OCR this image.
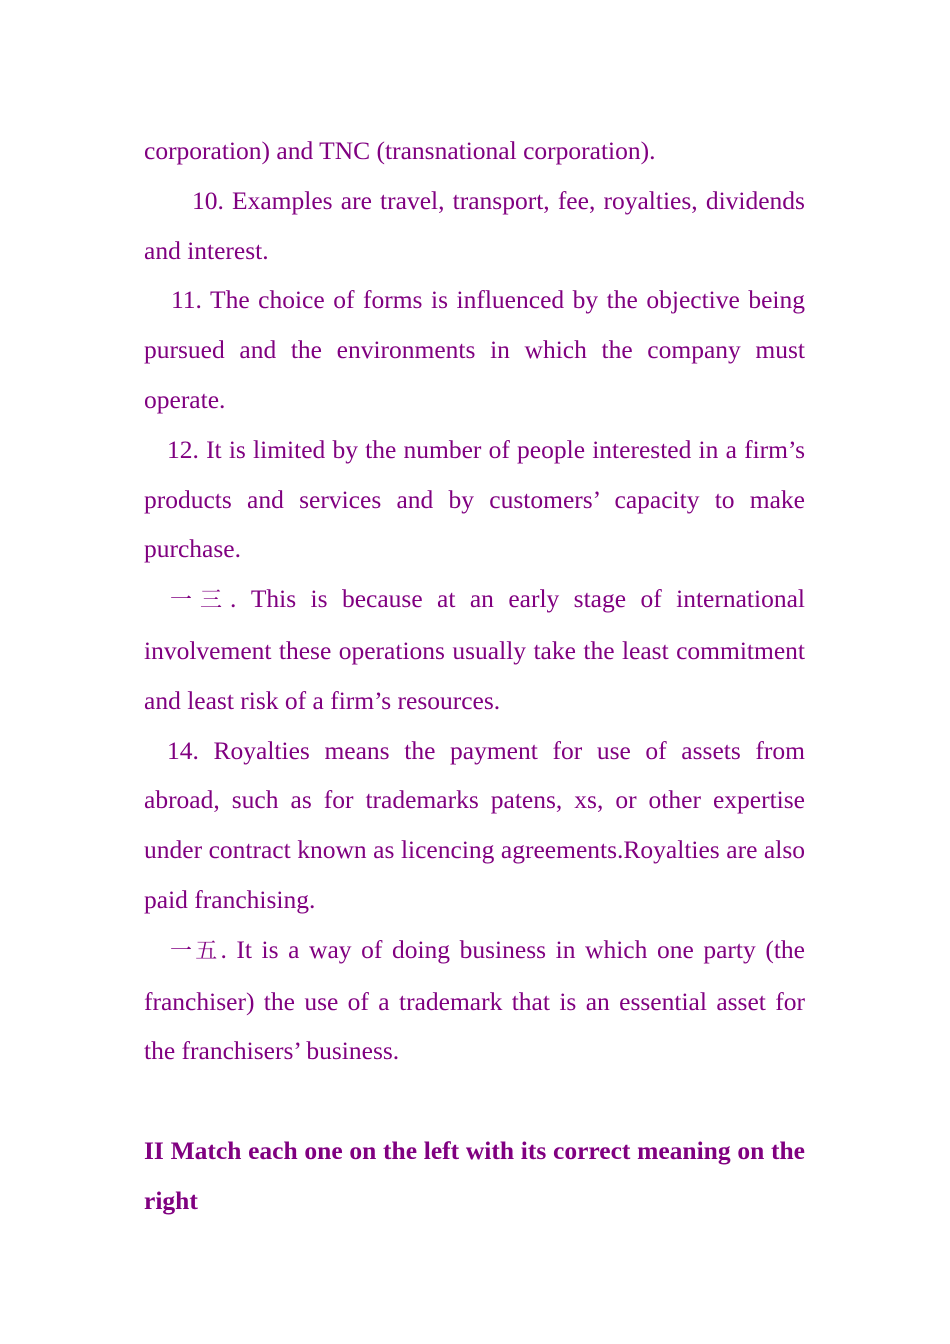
corporation) and TNC (transnational corporation).

10. Examples are travel, transport, fee, royalties, dividends and interest.

11. The choice of forms is influenced by the objective being pursued and the environments in which the company must operate.

12. It is limited by the number of people interested in a firm’s products and services and by customers’ capacity to make purchase.

一三. This is because at an early stage of international involvement these operations usually take the least commitment and least risk of a firm’s resources.

14. Royalties means the payment for use of assets from abroad, such as for trademarks patens, xs, or other expertise under contract known as licencing agreements.Royalties are also paid franchising.

一五. It is a way of doing business in which one party (the franchiser) the use of a trademark that is an essential asset for the franchisers’ business.

II Match each one on the left with its correct meaning on the right
